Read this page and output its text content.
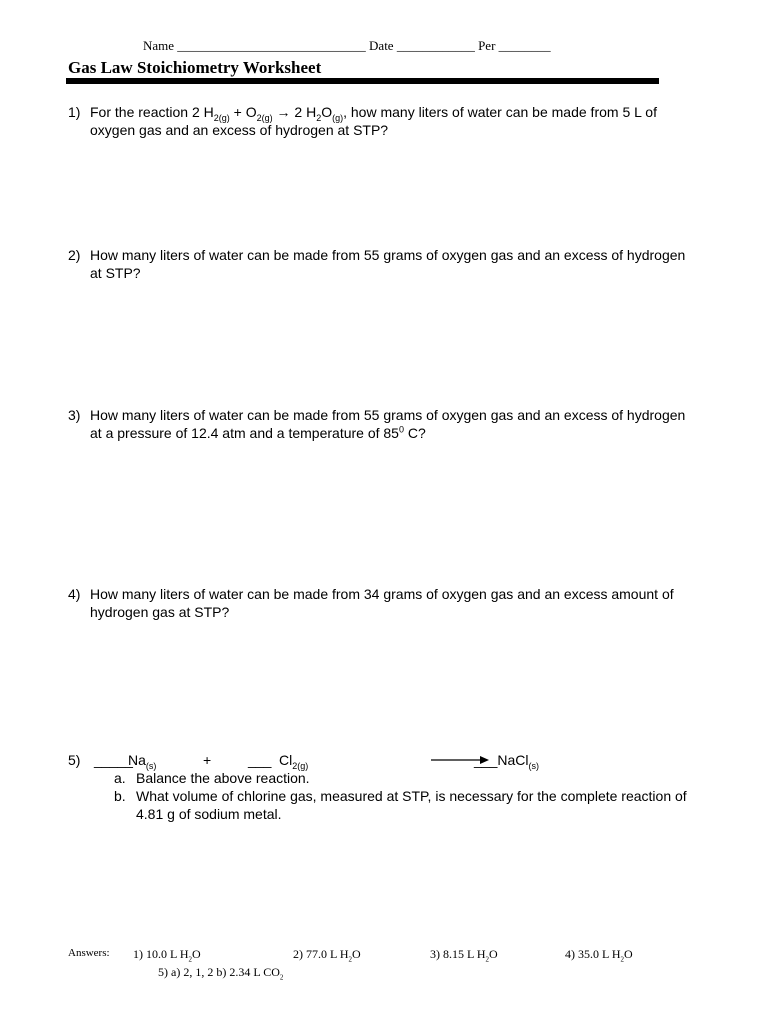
Name _____________________________ Date ____________ Per ________
Gas Law Stoichiometry Worksheet
1) For the reaction 2 $H_{2(g)} + O_{2(g)} \to 2$ $H_2O_{(g)}$, how many liters of water can be made from 5 L of oxygen gas and an excess of hydrogen at STP?
2) How many liters of water can be made from 55 grams of oxygen gas and an excess of hydrogen at STP?
3) How many liters of water can be made from 55 grams of oxygen gas and an excess of hydrogen at a pressure of 12.4 atm and a temperature of $85^0$ C?
4) How many liters of water can be made from 34 grams of oxygen gas and an excess amount of hydrogen gas at STP?
5) _____
$Na_{(s)}$	+	___ $Cl_{2(g)}$	___NaCl$_{(s)}$
a. Balance the above reaction.
b. What volume of chlorine gas, measured at STP, is necessary for the complete reaction of 4.81 g of sodium metal.
Answers: 1) 10.0 L $H_2O$	2) 77.0 L $H_2O$	3) 8.15 L $H_2O$	4) 35.0 L $H_2O$
5) a) 2, 1, 2 b) 2.34 L $CO_2$
